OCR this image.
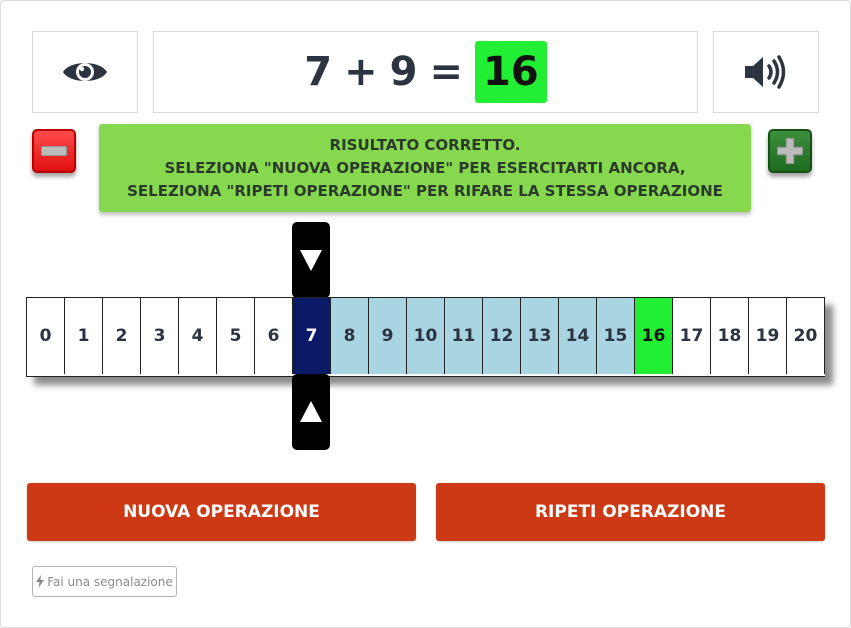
7 + 9 = 16
RISULTATO CORRETTO.
SELEZIONA "NUOVA OPERAZIONE" PER ESERCITARTI ANCORA,
SELEZIONA "RIPETI OPERAZIONE" PER RIFARE LA STESSA OPERAZIONE
0	1	2	3	4	5	6	7	8	9	10 11 12 13 14 15 16 17 18 19 20
NUOVA OPERAZIONE	RIPETI OPERAZIONE
Fai una segnalazione
